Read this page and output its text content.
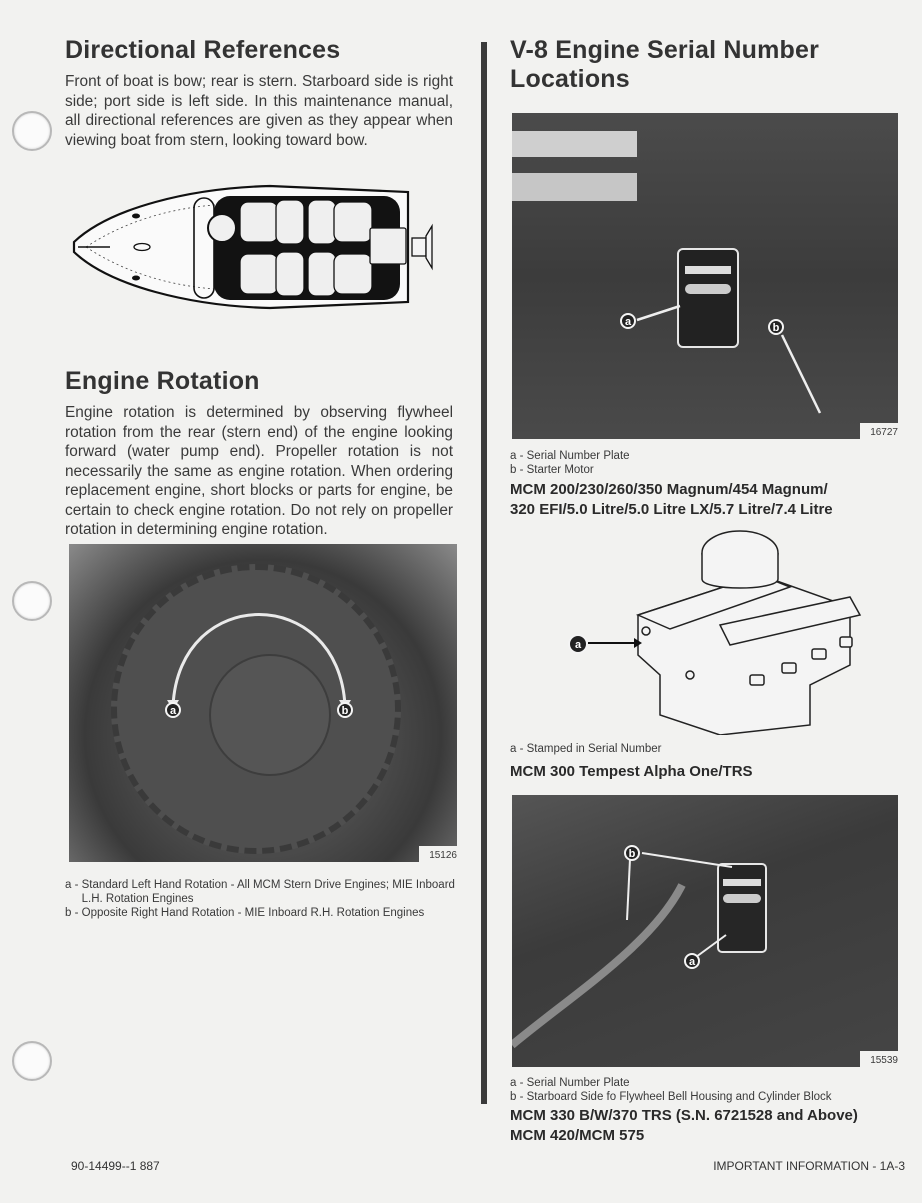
Directional References

Front of boat is bow; rear is stern. Starboard side is right side; port side is left side. In this maintenance manual, all directional references are given as they appear when viewing boat from stern, looking toward bow.

Engine Rotation

Engine rotation is determined by observing flywheel rotation from the rear (stern end) of the engine looking forward (water pump end). Propeller rotation is not necessarily the same as engine rotation. When ordering replacement engine, short blocks or parts for engine, be certain to check engine rotation. Do not rely on propeller rotation in determining engine rotation.

a	b
15126
a - Standard Left Hand Rotation - All MCM Stern Drive Engines; MIE Inboard L.H. Rotation Engines
b - Opposite Right Hand Rotation - MIE Inboard R.H. Rotation Engines
V-8 Engine Serial Number Locations
a	b
16727
a - Serial Number Plate
b - Starter Motor
MCM 200/230/260/350 Magnum/454 Magnum/
320 EFI/5.0 Litre/5.0 Litre LX/5.7 Litre/7.4 Litre
a
a - Stamped in Serial Number
MCM 300 Tempest Alpha One/TRS
b
a
15539
a - Serial Number Plate
b - Starboard Side fo Flywheel Bell Housing and Cylinder Block
MCM 330 B/W/370 TRS (S.N. 6721528 and Above)
MCM 420/MCM 575
90-14499--1 887	IMPORTANT INFORMATION - 1A-3
